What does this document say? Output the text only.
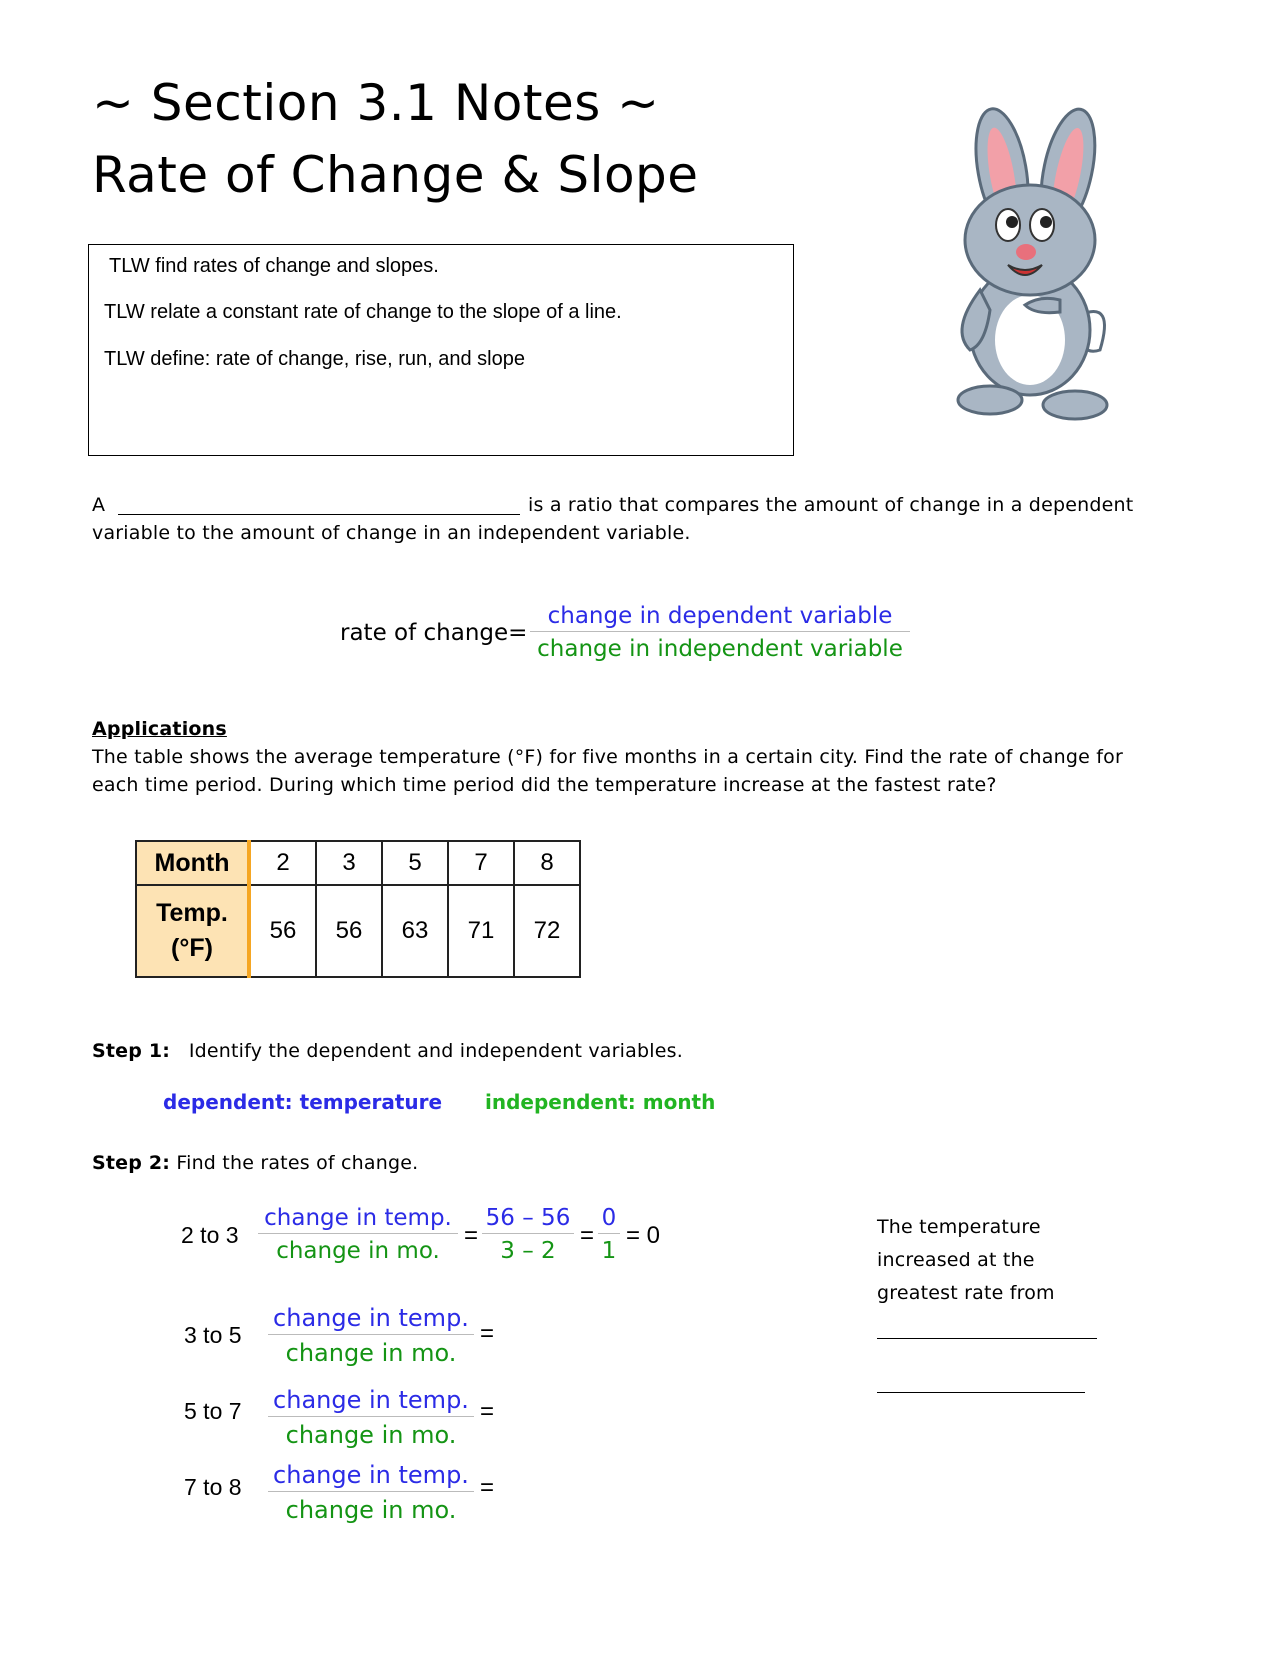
~ Section 3.1 Notes ~
Rate of Change & Slope
TLW find rates of change and slopes.
TLW relate a constant rate of change to the slope of a line.
TLW define: rate of change, rise, run, and slope
A	is a ratio that compares the amount of change in a dependent
variable to the amount of change in an independent variable.
rate of change=
change in dependent variable
change in independent variable
Applications
The table shows the average temperature (°F) for five months in a certain city. Find the rate of change for
each time period. During which time period did the temperature increase at the fastest rate?
Month	2	3	5	7	8

Temp.
(°F)	56	56	63	71	72
Step 1: Identify the dependent and independent variables.
dependent: temperature independent: month
Step 2: Find the rates of change.
2 to 3
change in temp.
change in mo.
= $\frac{56 - 56}{3 - 2} = \frac{0}{1} = 0$
3 to 5
change in temp.
change in mo.
=
5 to 7 change in temp.
change in mo.
=
7 to 8 change in temp.
change in mo.
=
The temperature
increased at the
greatest rate from
